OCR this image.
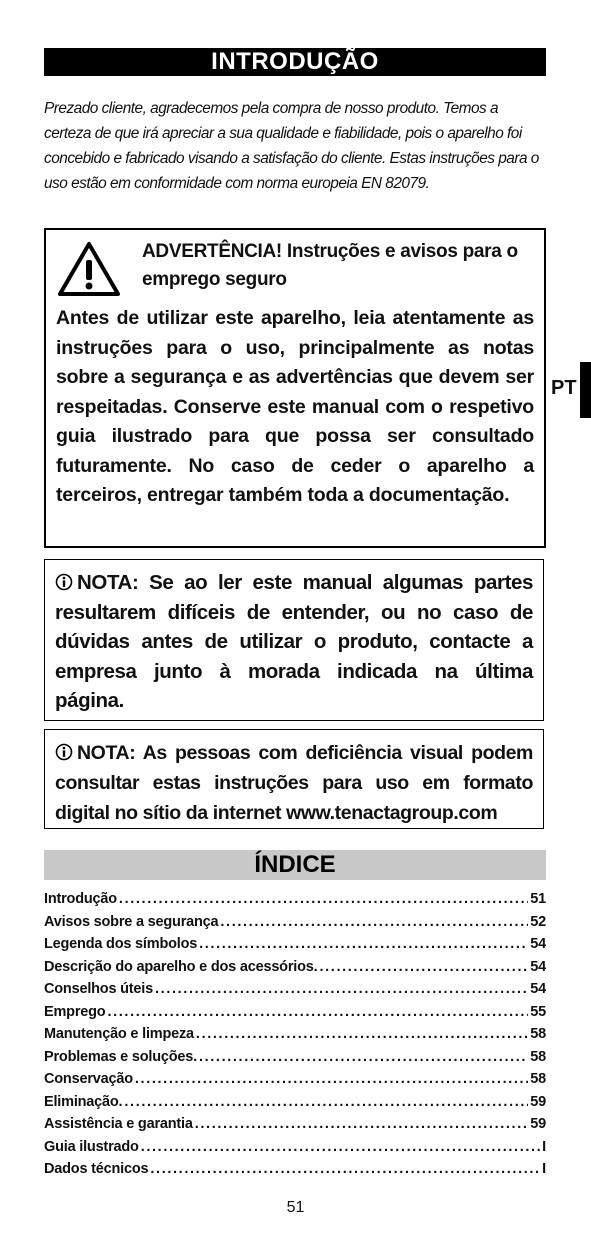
INTRODUÇÃO

Prezado cliente, agradecemos pela compra de nosso produto. Temos a certeza de que irá apreciar a sua qualidade e fiabilidade, pois o aparelho foi concebido e fabricado visando a satisfação do cliente. Estas instruções para o uso estão em conformidade com norma europeia EN 82079.

ADVERTÊNCIA! Instruções e avisos para o emprego seguro

Antes de utilizar este aparelho, leia atentamente as instruções para o uso, principalmente as notas sobre a segurança e as advertências que devem ser respeitadas. Conserve este manual com o respetivo guia ilustrado para que possa ser consultado futuramente. No caso de ceder o aparelho a terceiros, entregar também toda a documentação.

NOTA: Se ao ler este manual algumas partes resultarem difíceis de entender, ou no caso de dúvidas antes de utilizar o produto, contacte a empresa junto à morada indicada na última página.

NOTA: As pessoas com deficiência visual podem consultar estas instruções para uso em formato digital no sítio da internet www.tenactagroup.com

ÍNDICE
Introdução . . .	51
Avisos sobre a segurança . . .	52
Legenda dos símbolos . . .	54
Descrição do aparelho e dos acessórios. . . .	54
Conselhos úteis . . .	54
Emprego . . .	55
Manutenção e limpeza . . .	58
Problemas e soluções. . . .	58
Conservação . . .	58
Eliminação. . . .	59
Assistência e garantia . . .	59
Guia ilustrado . . .	I
Dados técnicos . . .	I
PT
51
